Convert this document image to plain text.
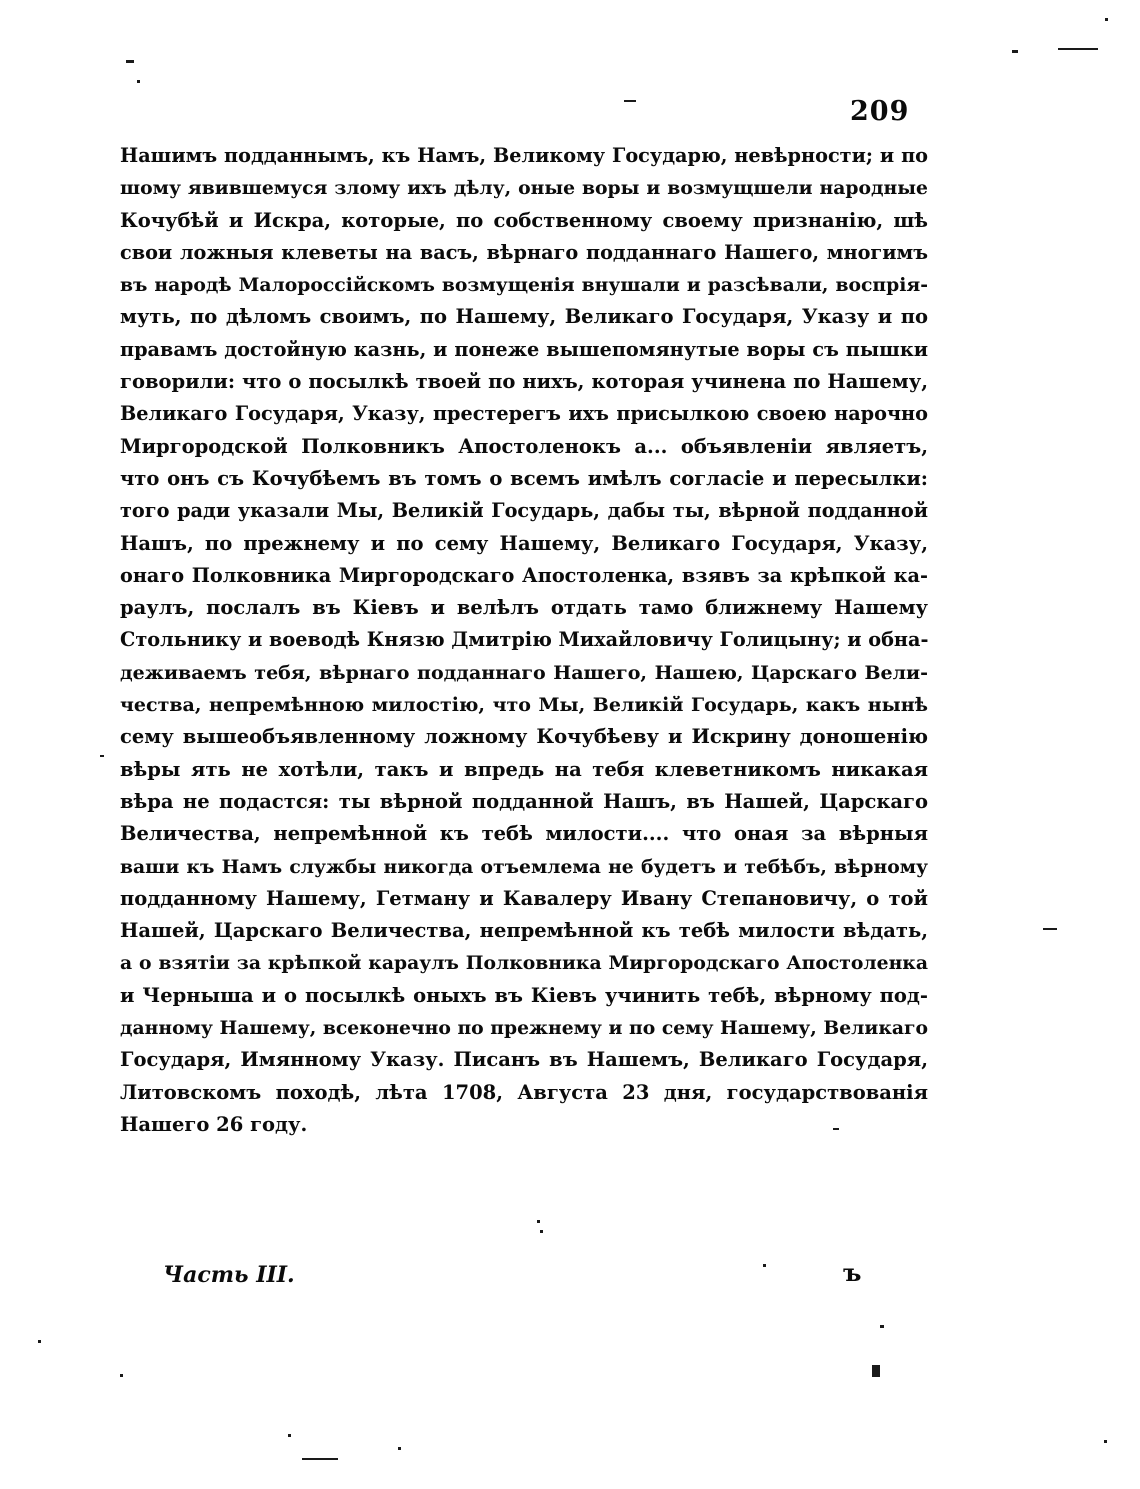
209
Нашимъ подданнымъ, къ Намъ, Великому Государю, невѣрности; и по
шому явившемуся злому ихъ дѣлу, оные воры и возмущшели народные
Кочубѣй и Искра, которые, по собственному своему признанію, шѣ
свои ложныя клеветы на васъ, вѣрнаго подданнаго Нашего, многимъ
въ народѣ Малороссійскомъ возмущенія внушали и разсѣвали, воспрія-
муть, по дѣломъ своимъ, по Нашему, Великаго Государя, Указу и по
правамъ достойную казнь, и понеже вышепомянутые воры съ пышки
говорили: что о посылкѣ твоей по нихъ, которая учинена по Нашему,
Великаго Государя, Указу, престерегъ ихъ присылкою своею нарочно
Миргородской Полковникъ Апостоленокъ а... объявленіи являетъ,
что онъ съ Кочубѣемъ въ томъ о всемъ имѣлъ согласіе и пересылки:
того ради указали Мы, Великій Государь, дабы ты, вѣрной подданной
Нашъ, по прежнему и по сему Нашему, Великаго Государя, Указу,
онаго Полковника Миргородскаго Апостоленка, взявъ за крѣпкой ка-
раулъ, послалъ въ Кіевъ и велѣлъ отдать тамо ближнему Нашему
Стольнику и воеводѣ Князю Дмитрію Михайловичу Голицыну; и обна-
деживаемъ тебя, вѣрнаго подданнаго Нашего, Нашею, Царскаго Вели-
чества, непремѣнною милостію, что Мы, Великій Государь, какъ нынѣ
сему вышеобъявленному ложному Кочубѣеву и Искрину доношенію
вѣры ять не хотѣли, такъ и впредь на тебя клеветникомъ никакая
вѣра не подастся: ты вѣрной подданной Нашъ, въ Нашей, Царскаго
Величества, непремѣнной къ тебѣ милости.... что оная за вѣрныя
ваши къ Намъ службы никогда отъемлема не будетъ и тебѣбъ, вѣрному
подданному Нашему, Гетману и Кавалеру Ивану Степановичу, о той
Нашей, Царскаго Величества, непремѣнной къ тебѣ милости вѣдать,
а о взятіи за крѣпкой караулъ Полковника Миргородскаго Апостоленка
и Черныша и о посылкѣ оныхъ въ Кіевъ учинить тебѣ, вѣрному под-
данному Нашему, всеконечно по прежнему и по сему Нашему, Великаго
Государя, Имянному Указу. Писанъ въ Нашемъ, Великаго Государя,
Литовскомъ походѣ, лѣта 1708, Августа 23 дня, государствованія
Нашего 26 году.
Часть III.	ъ
